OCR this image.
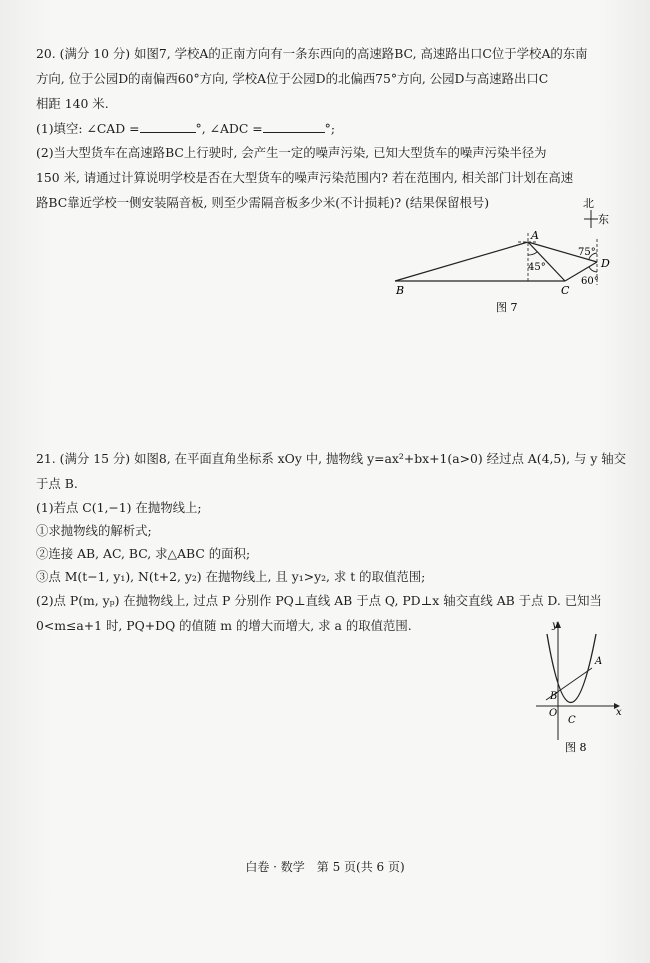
20. (满分 10 分) 如图7, 学校A的正南方向有一条东西向的高速路BC, 高速路出口C位于学校A的东南
方向, 位于公园D的南偏西60°方向, 学校A位于公园D的北偏西75°方向, 公园D与高速路出口C
相距 140 米.
(1)填空: ∠CAD =	°, ∠ADC =	°;
(2)当大型货车在高速路BC上行驶时, 会产生一定的噪声污染, 已知大型货车的噪声污染半径为
150 米, 请通过计算说明学校是否在大型货车的噪声污染范围内? 若在范围内, 相关部门计划在高速
路BC靠近学校一侧安装隔音板, 则至少需隔音板多少米(不计损耗)? (结果保留根号)	北
东
A
B	C
D
45°
75°
60°
图 7
21. (满分 15 分) 如图8, 在平面直角坐标系 xOy 中, 抛物线 y=ax²+bx+1(a>0) 经过点 A(4,5), 与 y 轴交
于点 B.
(1)若点 C(1,−1) 在抛物线上;
①求抛物线的解析式;
②连接 AB, AC, BC, 求△ABC 的面积;
③点 M(t−1, y₁), N(t+2, y₂) 在抛物线上, 且 y₁>y₂, 求 t 的取值范围;
(2)点 P(m, yₚ) 在抛物线上, 过点 P 分别作 PQ⊥直线 AB 于点 Q, PD⊥x 轴交直线 AB 于点 D. 已知当
0<m≤a+1 时, PQ+DQ 的值随 m 的增大而增大, 求 a 的取值范围.	y
x
A
B
C
O
图 8
白卷 · 数学　第 5 页(共 6 页)
